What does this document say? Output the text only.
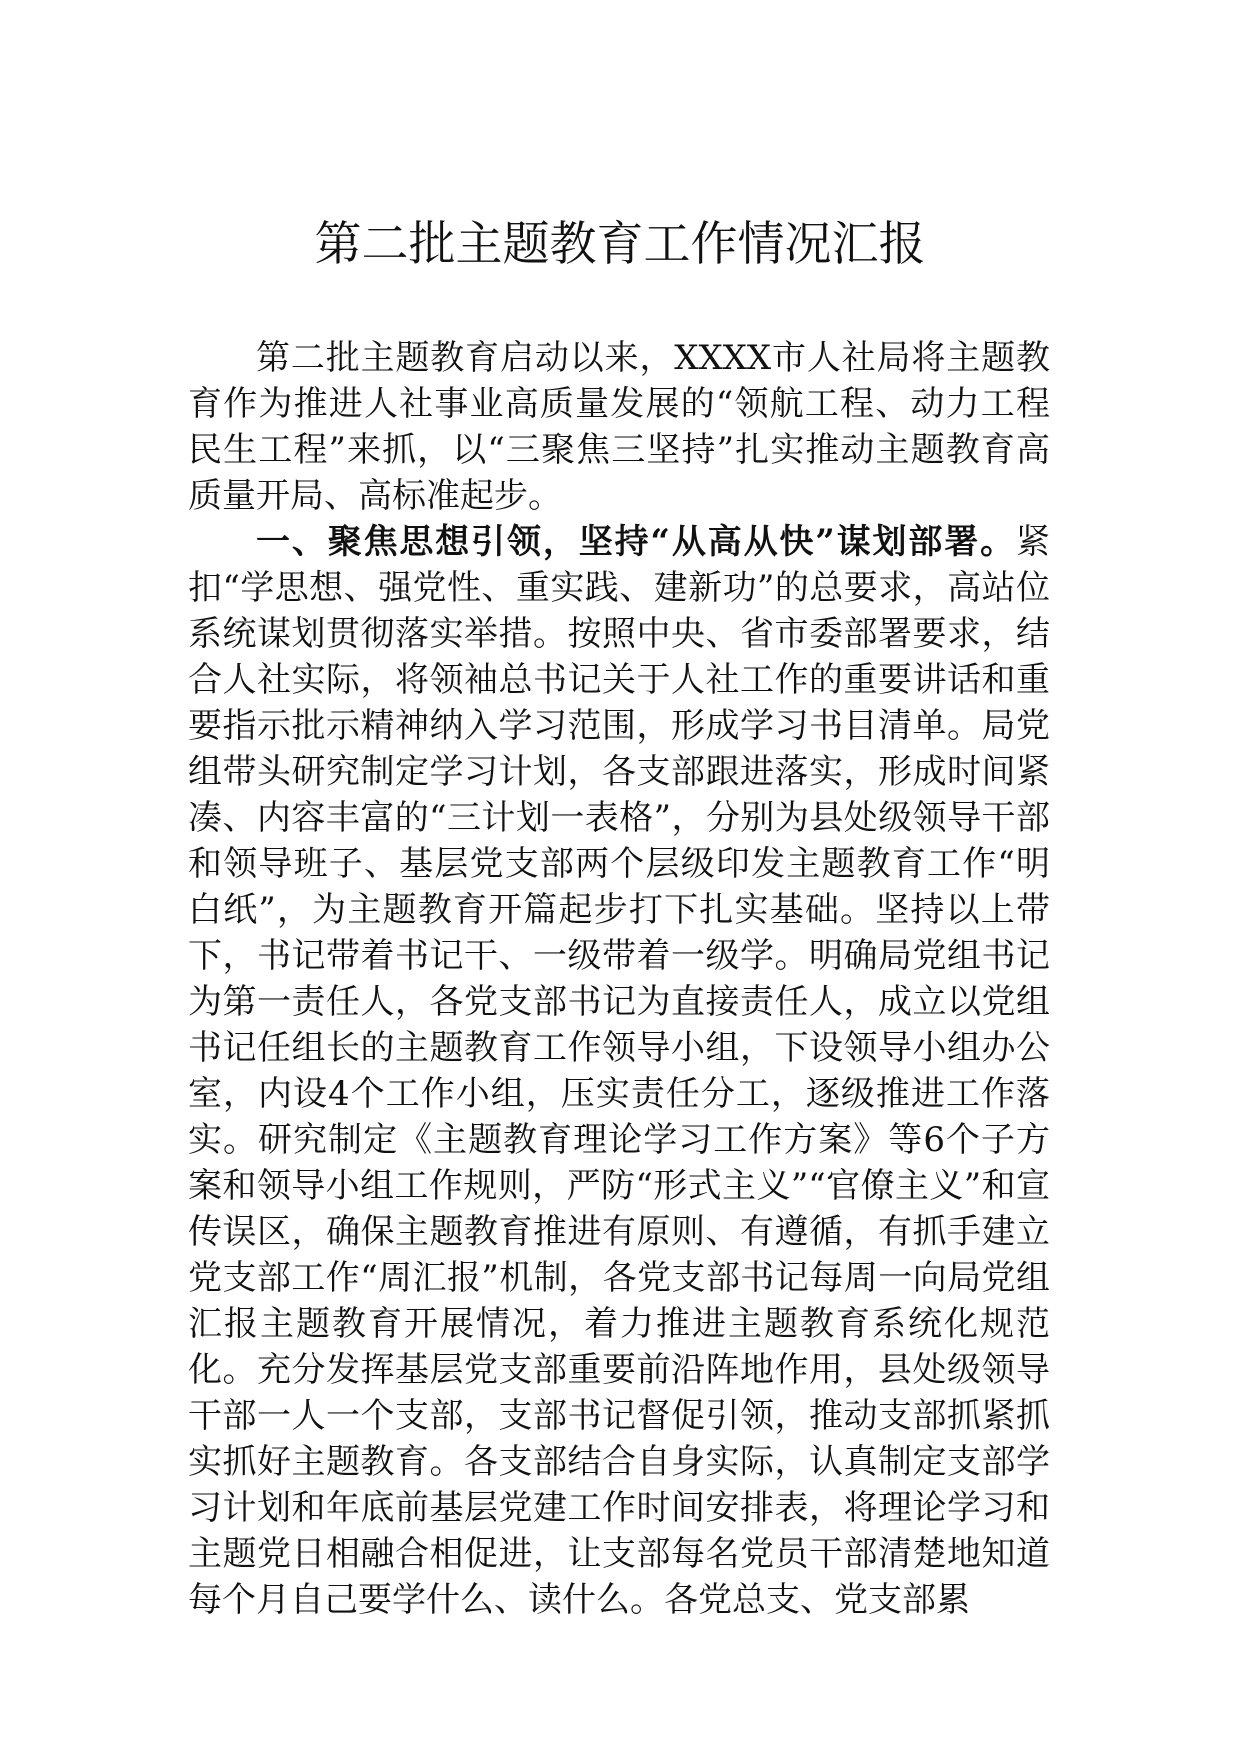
第二批主题教育工作情况汇报

第二批主题教育启动以来，XXXX市人社局将主题教育作为推进人社事业高质量发展的“领航工程、动力工程民生工程”来抓，以“三聚焦三坚持”扎实推动主题教育高质量开局、高标准起步。

一、聚焦思想引领，坚持“从高从快”谋划部署。紧扣“学思想、强党性、重实践、建新功”的总要求，高站位系统谋划贯彻落实举措。按照中央、省市委部署要求，结合人社实际，将领袖总书记关于人社工作的重要讲话和重要指示批示精神纳入学习范围，形成学习书目清单。局党组带头研究制定学习计划，各支部跟进落实，形成时间紧凑、内容丰富的“三计划一表格”，分别为县处级领导干部和领导班子、基层党支部两个层级印发主题教育工作“明白纸”，为主题教育开篇起步打下扎实基础。坚持以上带下，书记带着书记干、一级带着一级学。明确局党组书记为第一责任人，各党支部书记为直接责任人，成立以党组书记任组长的主题教育工作领导小组，下设领导小组办公室，内设4个工作小组，压实责任分工，逐级推进工作落实。研究制定《主题教育理论学习工作方案》等6个子方案和领导小组工作规则，严防“形式主义”“官僚主义”和宣传误区，确保主题教育推进有原则、有遵循，有抓手建立党支部工作“周汇报”机制，各党支部书记每周一向局党组汇报主题教育开展情况，着力推进主题教育系统化规范化。充分发挥基层党支部重要前沿阵地作用，县处级领导干部一人一个支部，支部书记督促引领，推动支部抓紧抓实抓好主题教育。各支部结合自身实际，认真制定支部学习计划和年底前基层党建工作时间安排表，将理论学习和主题党日相融合相促进，让支部每名党员干部清楚地知道每个月自己要学什么、读什么。各党总支、党支部累
